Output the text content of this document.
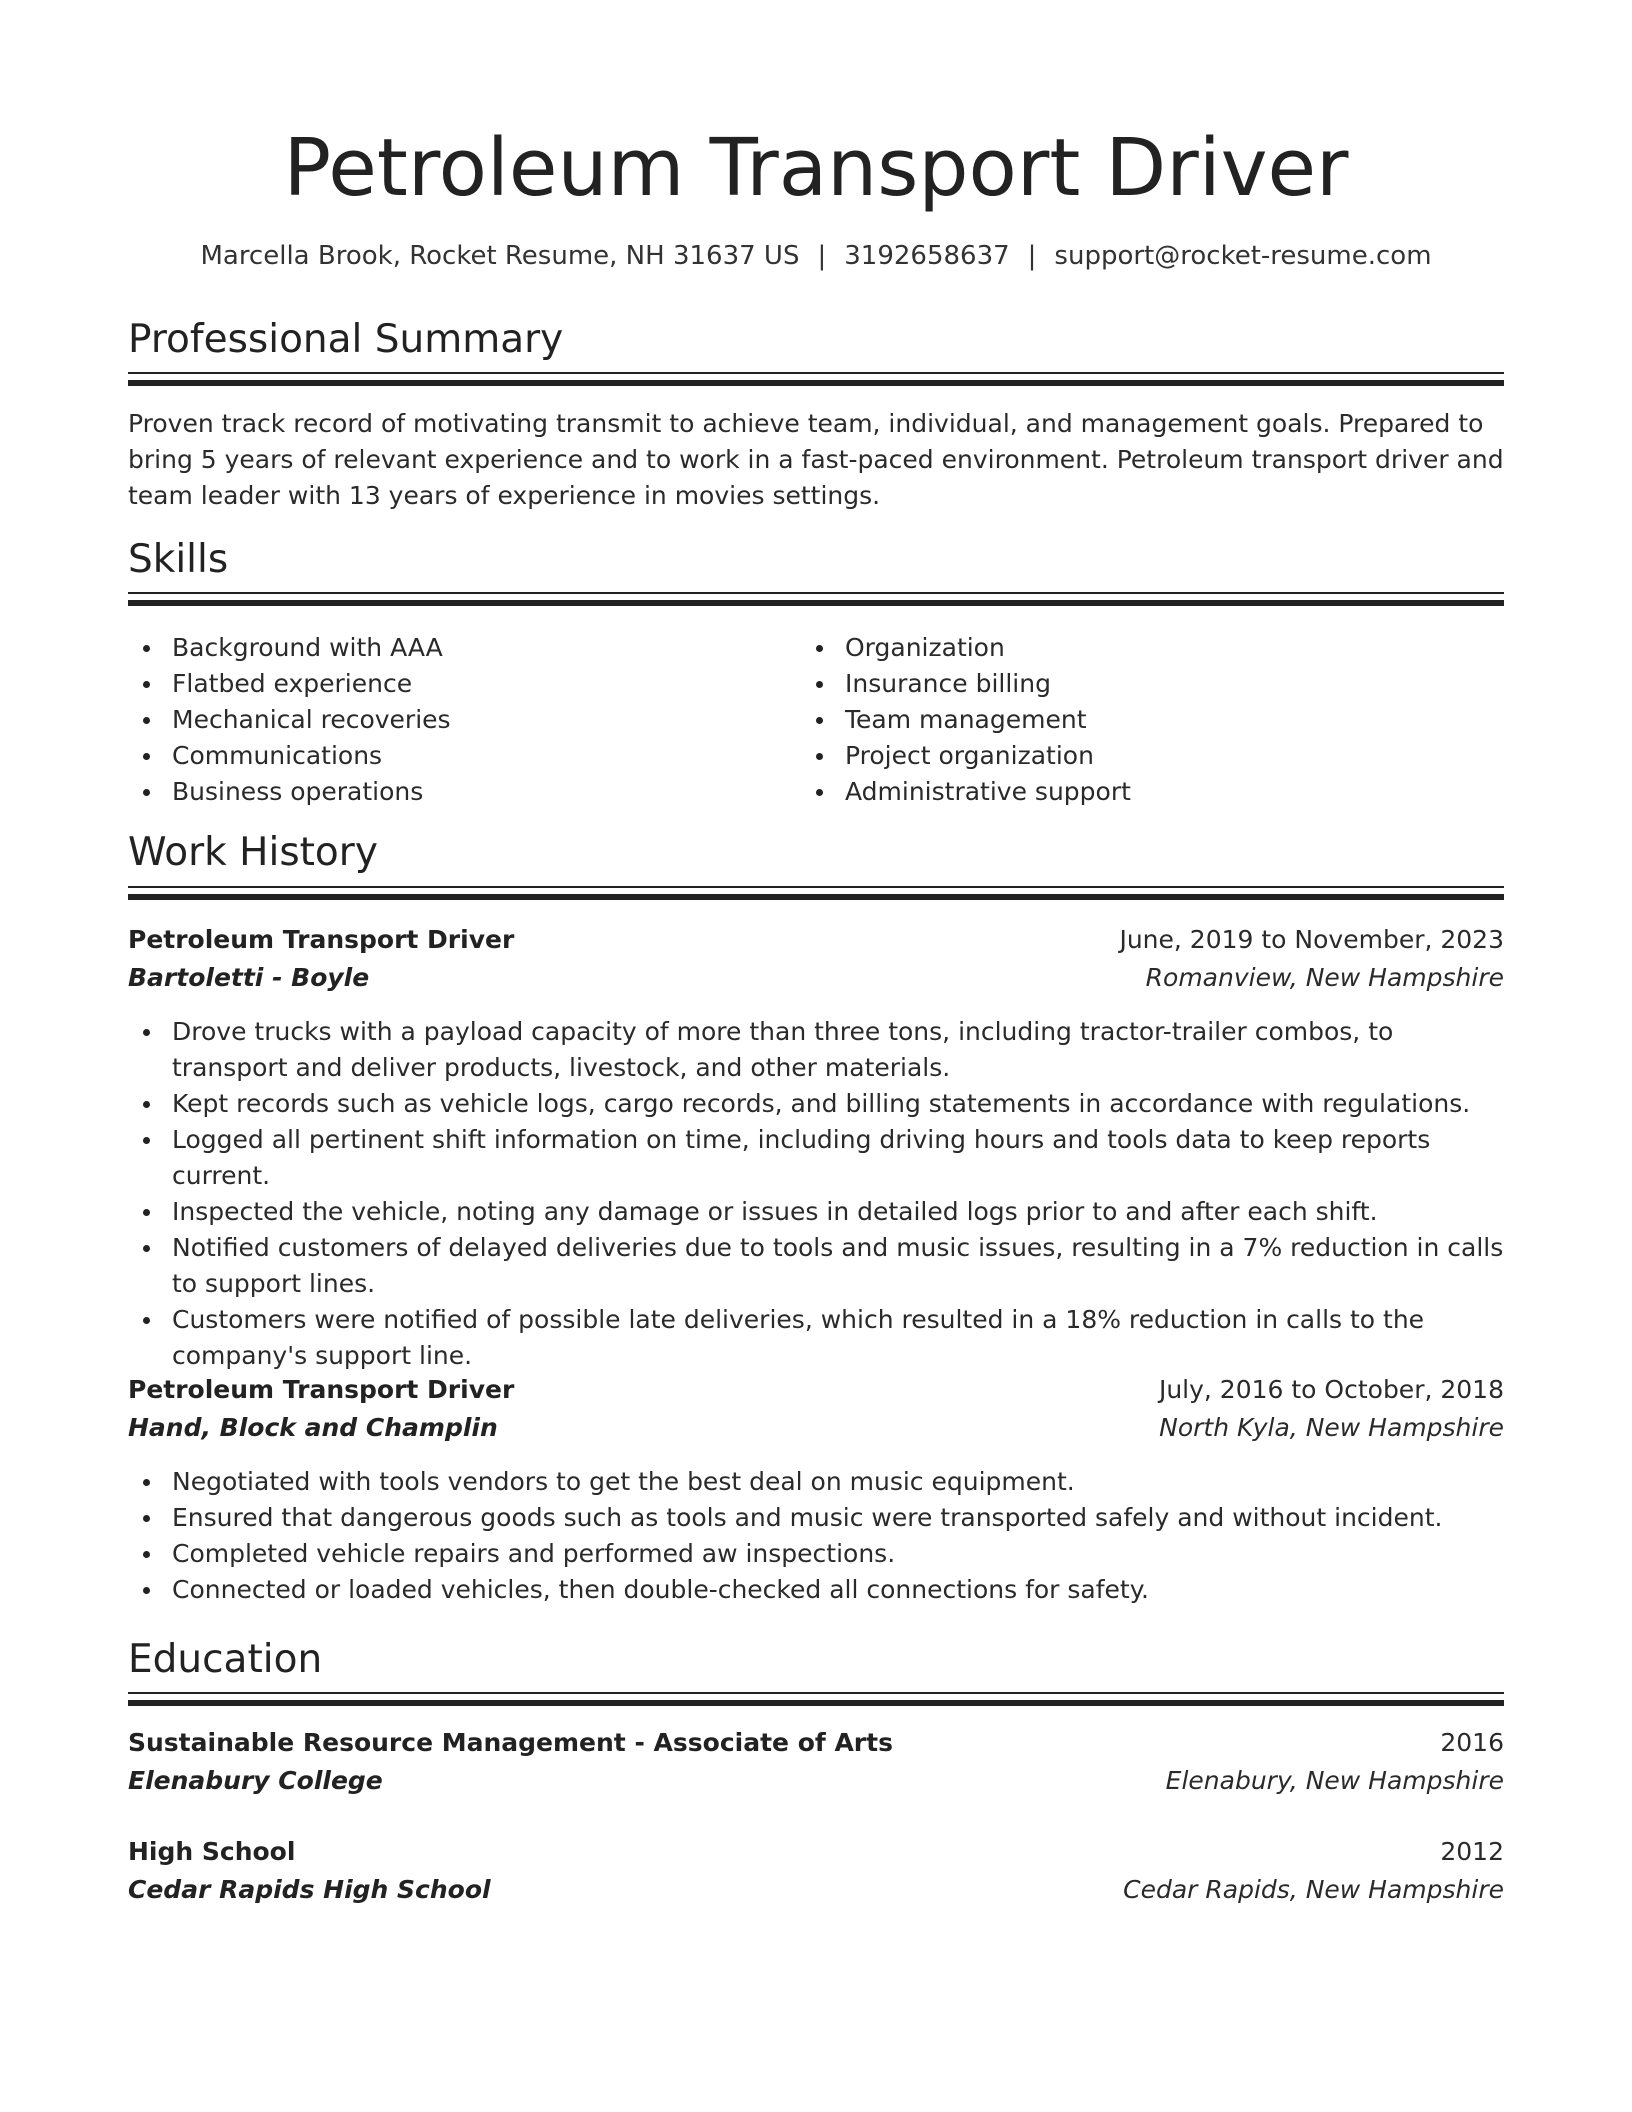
Petroleum Transport Driver
Marcella Brook, Rocket Resume, NH 31637 US | 3192658637 | support@rocket-resume.com
Professional Summary

Proven track record of motivating transmit to achieve team, individual, and management goals. Prepared to bring 5 years of relevant experience and to work in a fast-paced environment. Petroleum transport driver and team leader with 13 years of experience in movies settings.

Skills
Background with AAA
Flatbed experience
Mechanical recoveries
Communications
Business operations
Organization
Insurance billing
Team management
Project organization
Administrative support
Work History
Petroleum Transport Driver	June, 2019 to November, 2023
Bartoletti - Boyle	Romanview, New Hampshire
Drove trucks with a payload capacity of more than three tons, including tractor-trailer combos, to transport and deliver products, livestock, and other materials.
Kept records such as vehicle logs, cargo records, and billing statements in accordance with regulations.
Logged all pertinent shift information on time, including driving hours and tools data to keep reports current.
Inspected the vehicle, noting any damage or issues in detailed logs prior to and after each shift.
Notified customers of delayed deliveries due to tools and music issues, resulting in a 7% reduction in calls to support lines.
Customers were notified of possible late deliveries, which resulted in a 18% reduction in calls to the company's support line.
Petroleum Transport Driver	July, 2016 to October, 2018
Hand, Block and Champlin	North Kyla, New Hampshire
Negotiated with tools vendors to get the best deal on music equipment.
Ensured that dangerous goods such as tools and music were transported safely and without incident.
Completed vehicle repairs and performed aw inspections.
Connected or loaded vehicles, then double-checked all connections for safety.
Education
Sustainable Resource Management - Associate of Arts	2016
Elenabury College	Elenabury, New Hampshire
High School	2012
Cedar Rapids High School	Cedar Rapids, New Hampshire
